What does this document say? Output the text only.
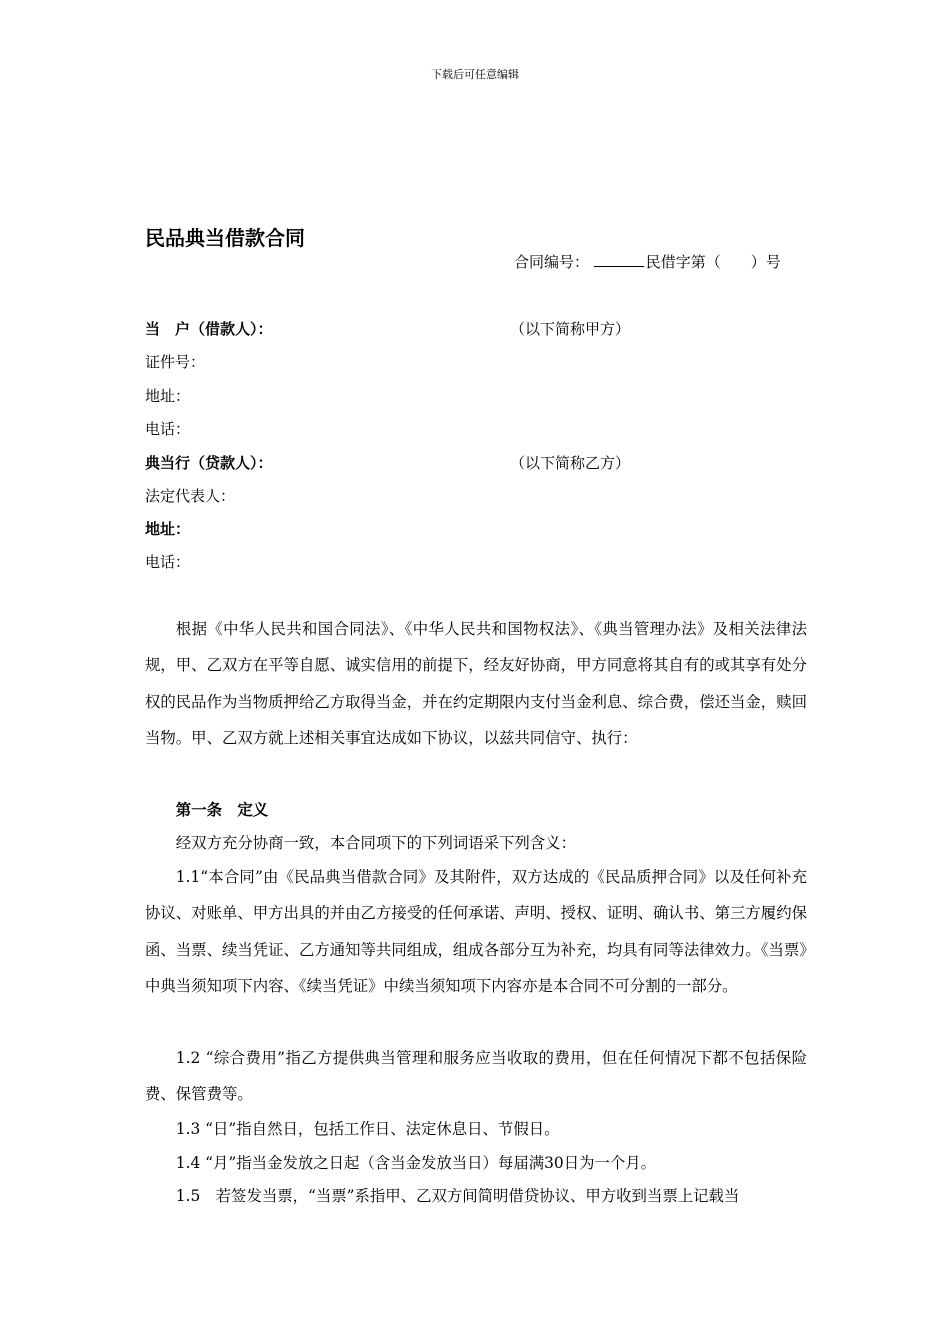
下载后可任意编辑
民品典当借款合同
合同编号：	民借字第（　　）号
当　户（借款人）：	（以下简称甲方）
证件号：
地址：
电话：
典当行（贷款人）：	（以下简称乙方）
法定代表人：
地址：
电话：

根据《中华人民共和国合同法》、《中华人民共和国物权法》、《典当管理办法》及相关法律法规，甲、乙双方在平等自愿、诚实信用的前提下，经友好协商，甲方同意将其自有的或其享有处分权的民品作为当物质押给乙方取得当金，并在约定期限内支付当金利息、综合费，偿还当金，赎回当物。甲、乙双方就上述相关事宜达成如下协议，以兹共同信守、执行：

第一条　定义

经双方充分协商一致，本合同项下的下列词语采下列含义：

1.1“本合同”由《民品典当借款合同》及其附件，双方达成的《民品质押合同》以及任何补充协议、对账单、甲方出具的并由乙方接受的任何承诺、声明、授权、证明、确认书、第三方履约保函、当票、续当凭证、乙方通知等共同组成，组成各部分互为补充，均具有同等法律效力。《当票》中典当须知项下内容、《续当凭证》中续当须知项下内容亦是本合同不可分割的一部分。

1.2 “综合费用”指乙方提供典当管理和服务应当收取的费用，但在任何情况下都不包括保险费、保管费等。

1.3 “日”指自然日，包括工作日、法定休息日、节假日。

1.4 “月”指当金发放之日起（含当金发放当日）每届满30日为一个月。

1.5　若签发当票，“当票”系指甲、乙双方间简明借贷协议、甲方收到当票上记载当
